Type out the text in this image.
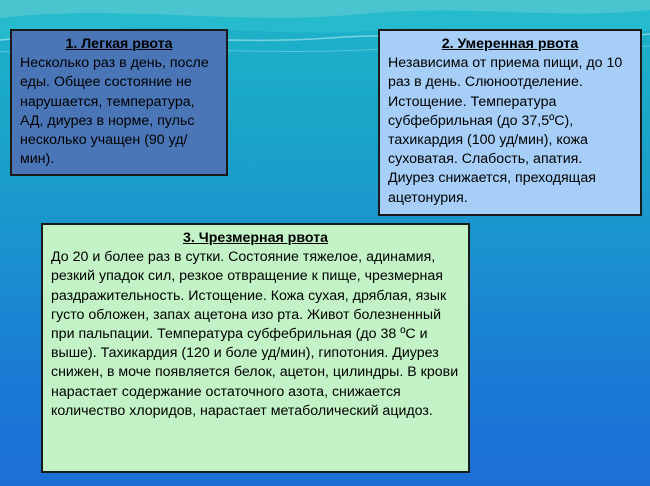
1. Легкая рвота
Несколько раз в день, после еды. Общее состояние не нарушается, температура, АД, диурез в норме, пульс несколько учащен (90 уд/мин).
2. Умеренная рвота
Независима от приема пищи, до 10 раз в день. Слюноотделение. Истощение. Температура субфебрильная (до 37,5ºС), тахикардия (100 уд/мин), кожа суховатая. Слабость, апатия. Диурез снижается, преходящая ацетонурия.
3. Чрезмерная рвота
До 20 и более раз в сутки. Состояние тяжелое, адинамия, резкий упадок сил, резкое отвращение к пище, чрезмерная раздражительность. Истощение. Кожа сухая, дряблая, язык густо обложен, запах ацетона изо рта. Живот болезненный при пальпации. Температура субфебрильная (до 38 ºС и выше). Тахикардия (120 и боле уд/мин), гипотония. Диурез снижен, в моче появляется белок, ацетон, цилиндры. В крови нарастает содержание остаточного азота, снижается количество хлоридов, нарастает метаболический ацидоз.
